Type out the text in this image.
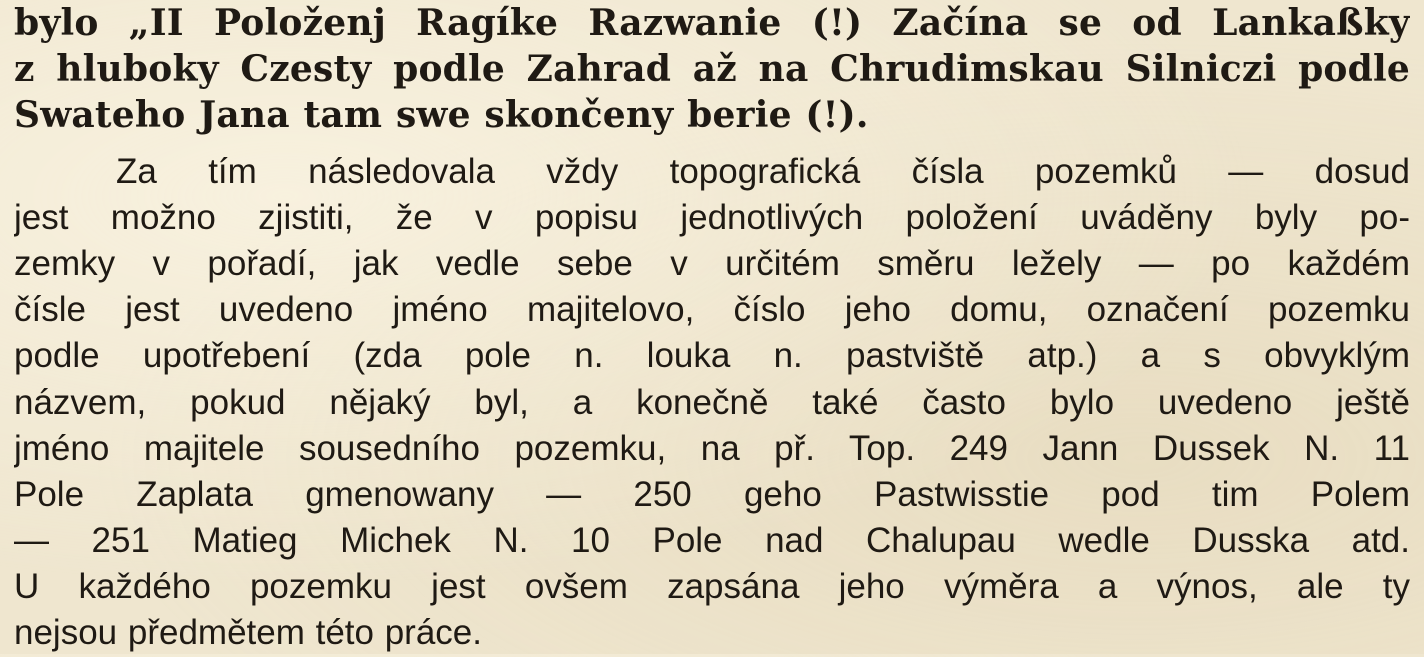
bylo „II Položenj Ragíke Razwanie (!) Začína se od Lankaßky
z hluboky Czesty podle Zahrad až na Chrudimskau Silniczi podle
Swateho Jana tam swe skončeny berie (!).
Za tím následovala vždy topografická čísla pozemků — dosud
jest možno zjistiti, že v popisu jednotlivých položení uváděny byly po-
zemky v pořadí, jak vedle sebe v určitém směru ležely — po každém
čísle jest uvedeno jméno majitelovo, číslo jeho domu, označení pozemku
podle upotřebení (zda pole n. louka n. pastviště atp.) a s obvyklým
názvem, pokud nějaký byl, a konečně také často bylo uvedeno ještě
jméno majitele sousedního pozemku, na př. Top. 249 Jann Dussek N. 11
Pole Zaplata gmenowany — 250 geho Pastwisstie pod tim Polem
— 251 Matieg Michek N. 10 Pole nad Chalupau wedle Dusska atd.
U každého pozemku jest ovšem zapsána jeho výměra a výnos, ale ty
nejsou předmětem této práce.
